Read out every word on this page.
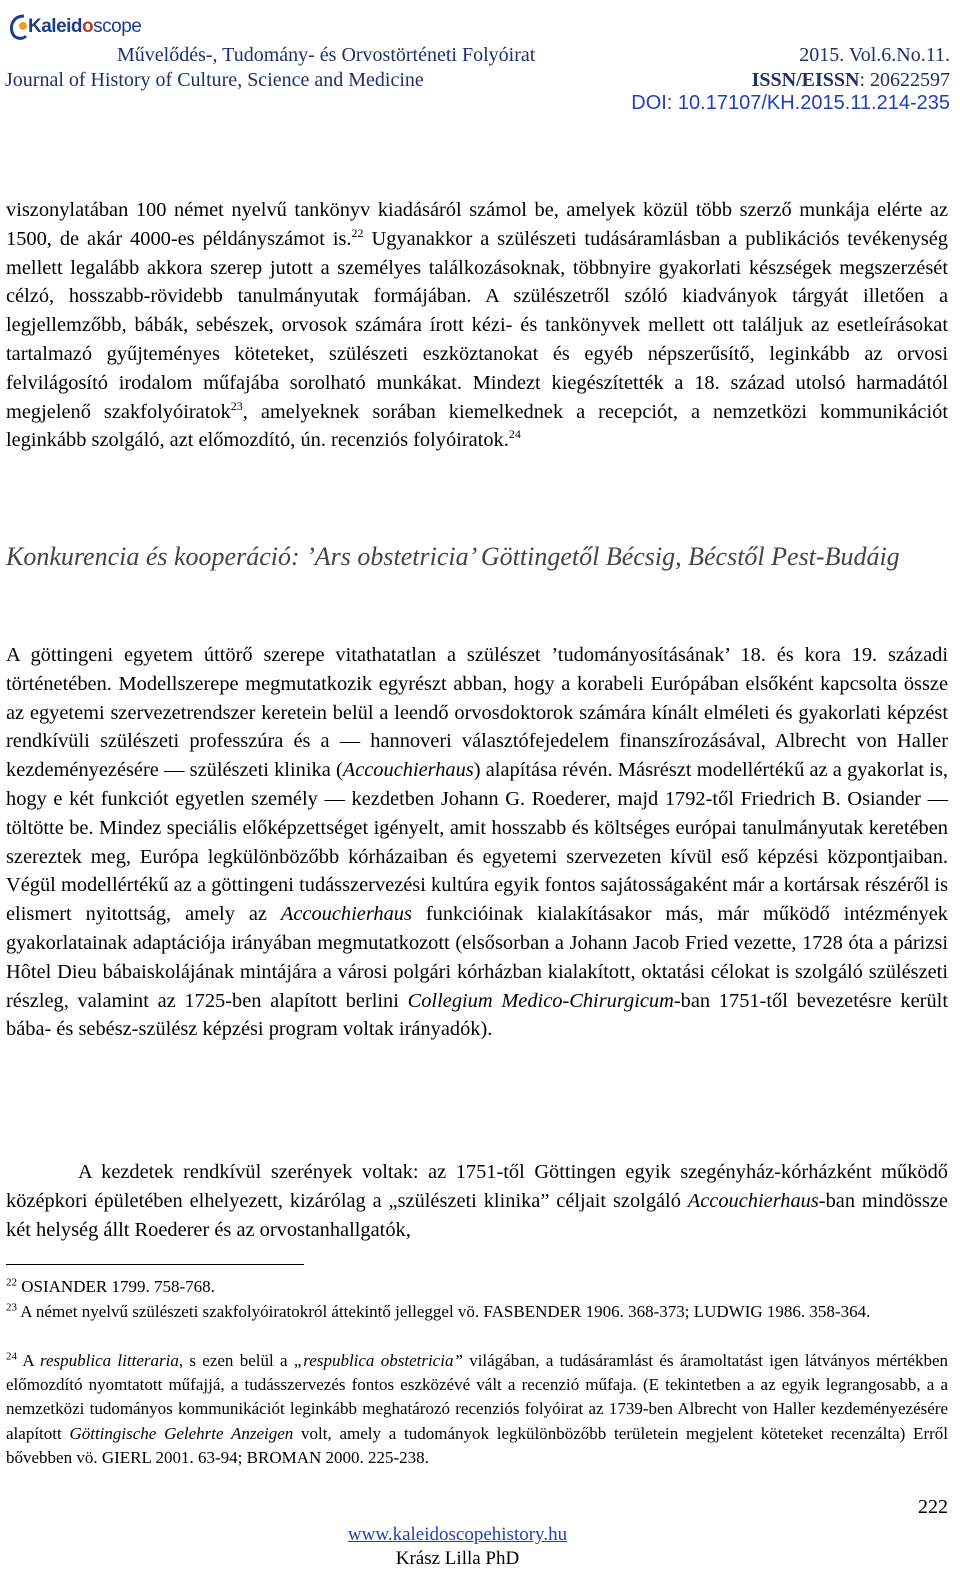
Kaleidoscope
Művelődés-, Tudomány- és Orvostörténeti Folyóirat
Journal of History of Culture, Science and Medicine
2015. Vol.6.No.11.
ISSN/EISSN: 20622597
DOI: 10.17107/KH.2015.11.214-235
viszonylatában 100 német nyelvű tankönyv kiadásáról számol be, amelyek közül több szerző munkája elérte az 1500, de akár 4000-es példányszámot is.$^{22}$ Ugyanakkor a szülészeti tudásáramlásban a publikációs tevékenység mellett legalább akkora szerep jutott a személyes találkozásoknak, többnyire gyakorlati készségek megszerzését célzó, hosszabb-rövidebb tanulmányutak formájában. A szülészetről szóló kiadványok tárgyát illetően a legjellemzőbb, bábák, sebészek, orvosok számára írott kézi- és tankönyvek mellett ott találjuk az esetleírásokat tartalmazó gyűjteményes köteteket, szülészeti eszköztanokat és egyéb népszerűsítő, leginkább az orvosi felvilágosító irodalom műfajába sorolható munkákat. Mindezt kiegészítették a 18. század utolsó harmadától megjelenő szakfolyóiratok$^{23}$, amelyeknek sorában kiemelkednek a recepciót, a nemzetközi kommunikációt leginkább szolgáló, azt előmozdító, ún. recenziós folyóiratok.$^{24}$
Konkurencia és kooperáció: ’Ars obstetricia’ Göttingetől Bécsig, Bécstől Pest-Budáig
A göttingeni egyetem úttörő szerepe vitathatatlan a szülészet ’tudományosításának’ 18. és kora 19. századi történetében. Modellszerepe megmutatkozik egyrészt abban, hogy a korabeli Európában elsőként kapcsolta össze az egyetemi szervezetrendszer keretein belül a leendő orvosdoktorok számára kínált elméleti és gyakorlati képzést rendkívüli szülészeti professzúra és a — hannoveri választófejedelem finanszírozásával, Albrecht von Haller kezdeményezésére — szülészeti klinika (Accouchierhaus) alapítása révén. Másrészt modellértékű az a gyakorlat is, hogy e két funkciót egyetlen személy — kezdetben Johann G. Roederer, majd 1792-től Friedrich B. Osiander — töltötte be. Mindez speciális előképzettséget igényelt, amit hosszabb és költséges európai tanulmányutak keretében szereztek meg, Európa legkülönbözőbb kórházaiban és egyetemi szervezeten kívül eső képzési központjaiban. Végül modellértékű az a göttingeni tudásszervezési kultúra egyik fontos sajátosságaként már a kortársak részéről is elismert nyitottság, amely az Accouchierhaus funkcióinak kialakításakor más, már működő intézmények gyakorlatainak adaptációja irányában megmutatkozott (elsősorban a Johann Jacob Fried vezette, 1728 óta a párizsi Hôtel Dieu bábaiskolájának mintájára a városi polgári kórházban kialakított, oktatási célokat is szolgáló szülészeti részleg, valamint az 1725-ben alapított berlini Collegium Medico-Chirurgicum-ban 1751-től bevezetésre került bába- és sebész-szülész képzési program voltak irányadók).
A kezdetek rendkívül szerények voltak: az 1751-től Göttingen egyik szegényház-kórházként működő középkori épületében elhelyezett, kizárólag a „szülészeti klinika” céljait szolgáló Accouchierhaus-ban mindössze két helység állt Roederer és az orvostanhallgatók,
$^{22}$ OSIANDER 1799. 758-768.
$^{23}$ A német nyelvű szülészeti szakfolyóiratokról áttekintő jelleggel vö. FASBENDER 1906. 368-373; LUDWIG 1986. 358-364.
$^{24}$ A respublica litteraria, s ezen belül a „respublica obstetricia” világában, a tudásáramlást és áramoltatást igen látványos mértékben előmozdító nyomtatott műfajjá, a tudásszervezés fontos eszközévé vált a recenzió műfaja. (E tekintetben a az egyik legrangosabb, a a nemzetközi tudományos kommunikációt leginkább meghatározó recenziós folyóirat az 1739-ben Albrecht von Haller kezdeményezésére alapított Göttingische Gelehrte Anzeigen volt, amely a tudományok legkülönbözőbb területein megjelent köteteket recenzálta) Erről bővebben vö. GIERL 2001. 63-94; BROMAN 2000. 225-238.
222
www.kaleidoscopehistory.hu
Krász Lilla PhD
